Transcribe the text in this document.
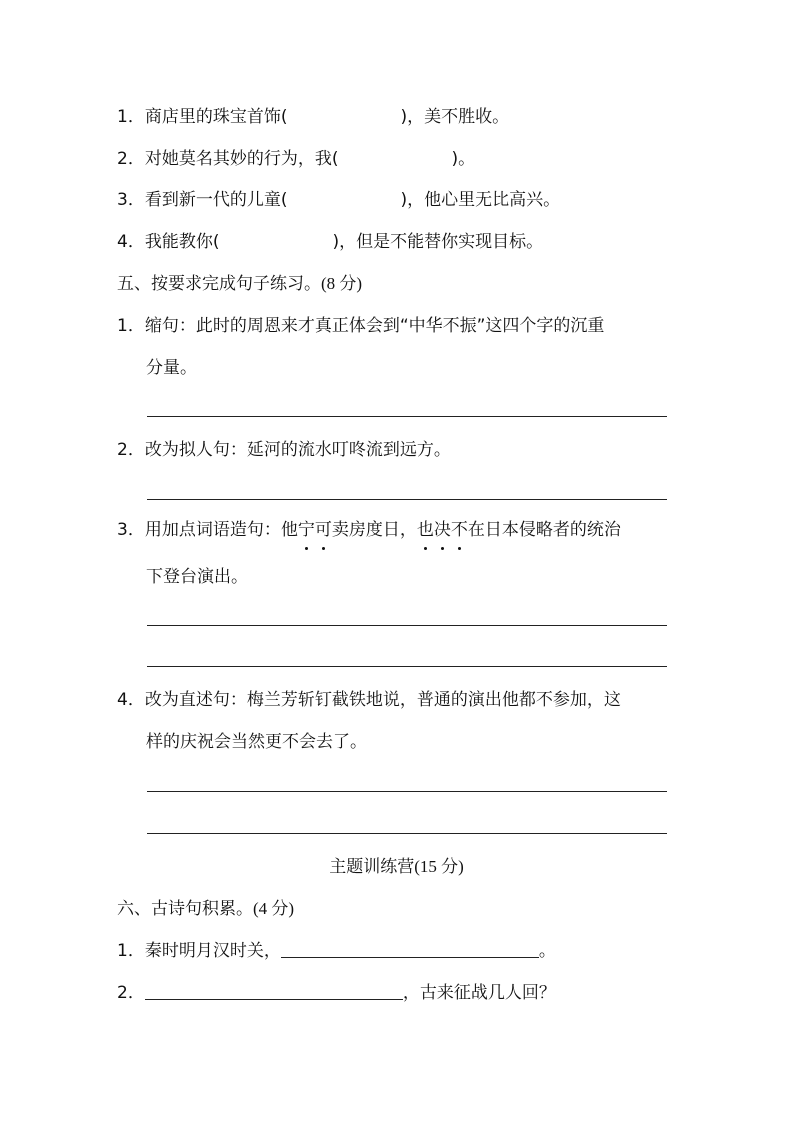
1．商店里的珠宝首饰(	)，美不胜收。
2．对她莫名其妙的行为，我(	)。
3．看到新一代的儿童(	)，他心里无比高兴。
4．我能教你(	)，但是不能替你实现目标。
五、按要求完成句子练习。(8 分)
1．缩句：此时的周恩来才真正体会到“中华不振”这四个字的沉重
分量。
2．改为拟人句：延河的流水叮咚流到远方。
3．用加点词语造句：他宁可卖房度日，也决不在日本侵略者的统治
下登台演出。
4．改为直述句：梅兰芳斩钉截铁地说，普通的演出他都不参加，这
样的庆祝会当然更不会去了。
主题训练营(15 分)
六、古诗句积累。(4 分)
1．秦时明月汉时关，	。
2．	，古来征战几人回？
